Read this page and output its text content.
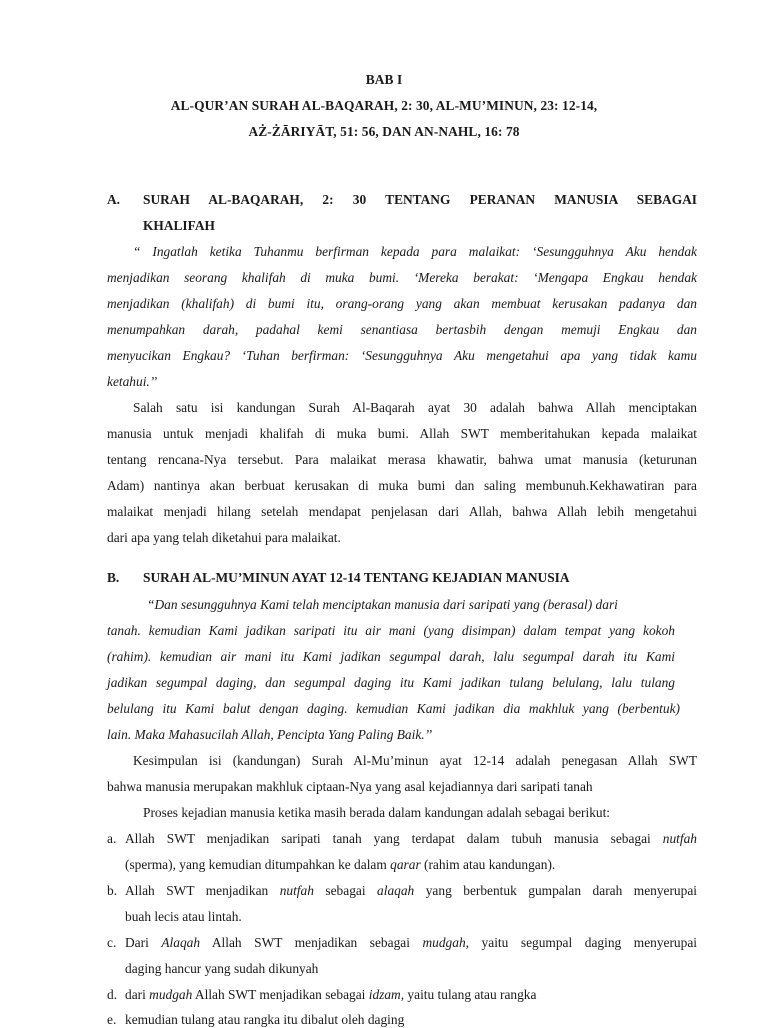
BAB I
AL-QUR’AN SURAH AL-BAQARAH, 2: 30, AL-MU’MINUN, 23: 12-14,
AŻ-ŻĀRIYĀT, 51: 56, DAN AN-NAHL, 16: 78
A. SURAH AL-BAQARAH, 2: 30 TENTANG PERANAN MANUSIA SEBAGAI
KHALIFAH
“ Ingatlah ketika Tuhanmu berfirman kepada para malaikat: ‘Sesungguhnya Aku hendak
menjadikan seorang khalifah di muka bumi. ‘Mereka berakat: ‘Mengapa Engkau hendak
menjadikan (khalifah) di bumi itu, orang-orang yang akan membuat kerusakan padanya dan
menumpahkan darah, padahal kemi senantiasa bertasbih dengan memuji Engkau dan
menyucikan Engkau? ‘Tuhan berfirman: ‘Sesungguhnya Aku mengetahui apa yang tidak kamu
ketahui.’’
Salah satu isi kandungan Surah Al-Baqarah ayat 30 adalah bahwa Allah menciptakan
manusia untuk menjadi khalifah di muka bumi. Allah SWT memberitahukan kepada malaikat
tentang rencana-Nya tersebut. Para malaikat merasa khawatir, bahwa umat manusia (keturunan
Adam) nantinya akan berbuat kerusakan di muka bumi dan saling membunuh.Kekhawatiran para
malaikat menjadi hilang setelah mendapat penjelasan dari Allah, bahwa Allah lebih mengetahui
dari apa yang telah diketahui para malaikat.
B. SURAH AL-MU’MINUN AYAT 12-14 TENTANG KEJADIAN MANUSIA
“Dan sesungguhnya Kami telah menciptakan manusia dari saripati yang (berasal) dari
tanah. kemudian Kami jadikan saripati itu air mani (yang disimpan) dalam tempat yang kokoh
(rahim). kemudian air mani itu Kami jadikan segumpal darah, lalu segumpal darah itu Kami
jadikan segumpal daging, dan segumpal daging itu Kami jadikan tulang belulang, lalu tulang
belulang itu Kami balut dengan daging. kemudian Kami jadikan dia makhluk yang (berbentuk)
lain. Maka Mahasucilah Allah, Pencipta Yang Paling Baik.’’
Kesimpulan isi (kandungan) Surah Al-Mu’minun ayat 12-14 adalah penegasan Allah SWT
bahwa manusia merupakan makhluk ciptaan-Nya yang asal kejadiannya dari saripati tanah
Proses kejadian manusia ketika masih berada dalam kandungan adalah sebagai berikut:
a. Allah SWT menjadikan saripati tanah yang terdapat dalam tubuh manusia sebagai nutfah
(sperma), yang kemudian ditumpahkan ke dalam qarar (rahim atau kandungan).
b. Allah SWT menjadikan nutfah sebagai alaqah yang berbentuk gumpalan darah menyerupai
buah lecis atau lintah.
c. Dari Alaqah Allah SWT menjadikan sebagai mudgah, yaitu segumpal daging menyerupai
daging hancur yang sudah dikunyah
d. dari mudgah Allah SWT menjadikan sebagai idzam, yaitu tulang atau rangka
e. kemudian tulang atau rangka itu dibalut oleh daging
